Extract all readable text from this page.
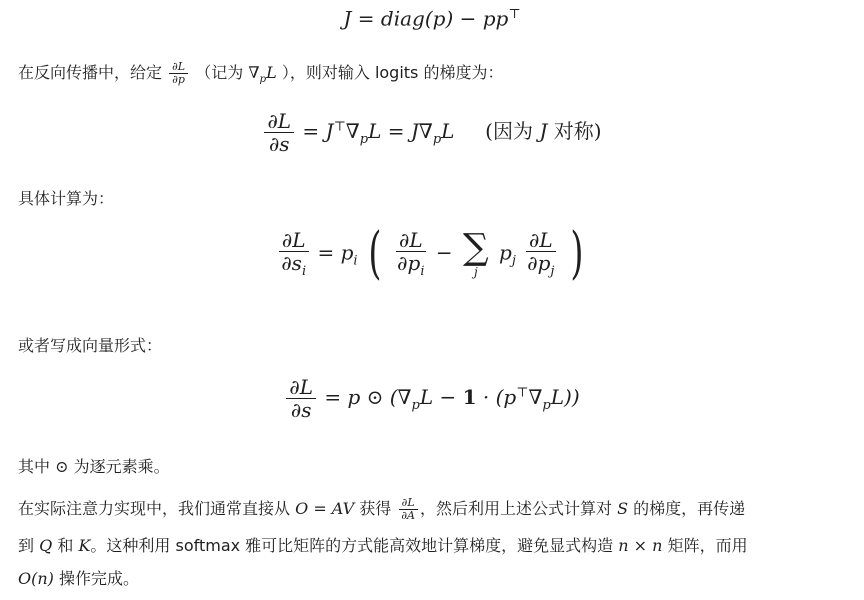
J = diag(p) − pp⊤
在反向传播中，给定 $\frac{\partial L}{\partial p}$ （记为 $\nabla_pL$ ），则对输入 logits 的梯度为：
$\frac{\partial L}{\partial s} = J^⊤\nabla_pL = J\nabla_pL$ (因为 J 对称)
具体计算为：
$\frac{\partial L}{\partial s_i} = p_i$ ( $\frac{\partial L}{\partial p_i}$ − ∑
j
$p_j \frac{\partial L}{\partial p_j}$ )
或者写成向量形式：
$\frac{\partial L}{\partial s} = p$ ⊙ $(\nabla_pL - 1 \cdot (p^⊤\nabla_pL))$
其中 ⊙ 为逐元素乘。
在实际注意力实现中，我们通常直接从 O = AV 获得 $\frac{\partial L}{\partial A}$ ，然后利用上述公式计算对 S 的梯度，再传递
到 Q 和 K。这种利用 softmax 雅可比矩阵的方式能高效地计算梯度，避免显式构造 n × n 矩阵，而用
O(n) 操作完成。
